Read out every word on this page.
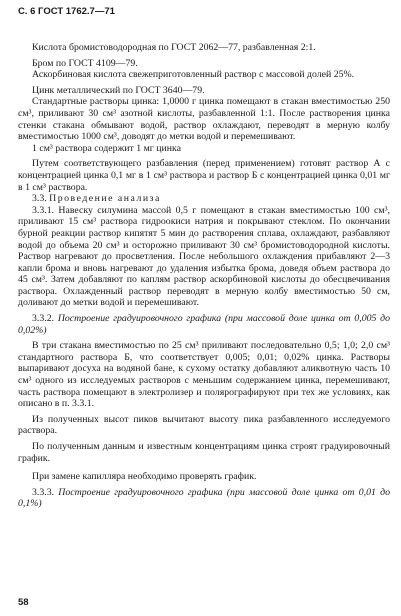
С. 6 ГОСТ 1762.7—71

Кислота бромистоводородная по ГОСТ 2062—77, разбавленная 2:1.

Бром по ГОСТ 4109—79.

Аскорбиновая кислота свежеприготовленный раствор с массовой долей 25%.

Цинк металлический по ГОСТ 3640—79.

Стандартные растворы цинка: 1,0000 г цинка помещают в стакан вместимостью 250 см³, приливают 30 см³ азотной кислоты, разбавленной 1:1. После растворения цинка стенки стакана обмывают водой, раствор охлаждают, переводят в мерную колбу вместимостью 1000 см³, доводят до метки водой и перемешивают.

1 см³ раствора содержит 1 мг цинка

Путем соответствующего разбавления (перед применением) готовят раствор А с концентрацией цинка 0,1 мг в 1 см³ раствора и раствор Б с концентрацией цинка 0,01 мг в 1 см³ раствора.

3.3. Проведение анализа

3.3.1. Навеску силумина массой 0,5 г помещают в стакан вместимостью 100 см³, приливают 15 см³ раствора гидроокиси натрия и покрывают стеклом. По окончании бурной реакции раствор кипятят 5 мин до растворения сплава, охлаждают, разбавляют водой до объема 20 см³ и осторожно приливают 30 см³ бромистоводородной кислоты. Раствор нагревают до просветления. После небольшого охлаждения прибавляют 2—3 капли брома и вновь нагревают до удаления избытка брома, доведя объем раствора до 45 см³. Затем добавляют по каплям раствор аскорбиновой кислоты до обесцвечивания раствора. Охлажденный раствор переводят в мерную колбу вместимостью 50 см, доливают до метки водой и перемешивают.

3.3.2. Построение градуировочного графика (при массовой доле цинка от 0,005 до 0,02%)

В три стакана вместимостью по 25 см³ приливают последовательно 0,5; 1,0; 2,0 см³ стандартного раствора Б, что соответствует 0,005; 0,01; 0,02% цинка. Растворы выпаривают досуха на водяной бане, к сухому остатку добавляют аликвотную часть 10 см³ одного из исследуемых растворов с меньшим содержанием цинка, перемешивают, часть раствора помещают в электролизер и полярографируют при тех же условиях, как описано в п. 3.3.1.

Из полученных высот пиков вычитают высоту пика разбавленного исследуемого раствора.

По полученным данным и известным концентрациям цинка строят градуировочный график.

При замене капилляра необходимо проверять график.

3.3.3. Построение градуировочного графика (при массовой доле цинка от 0,01 до 0,1%)

58
